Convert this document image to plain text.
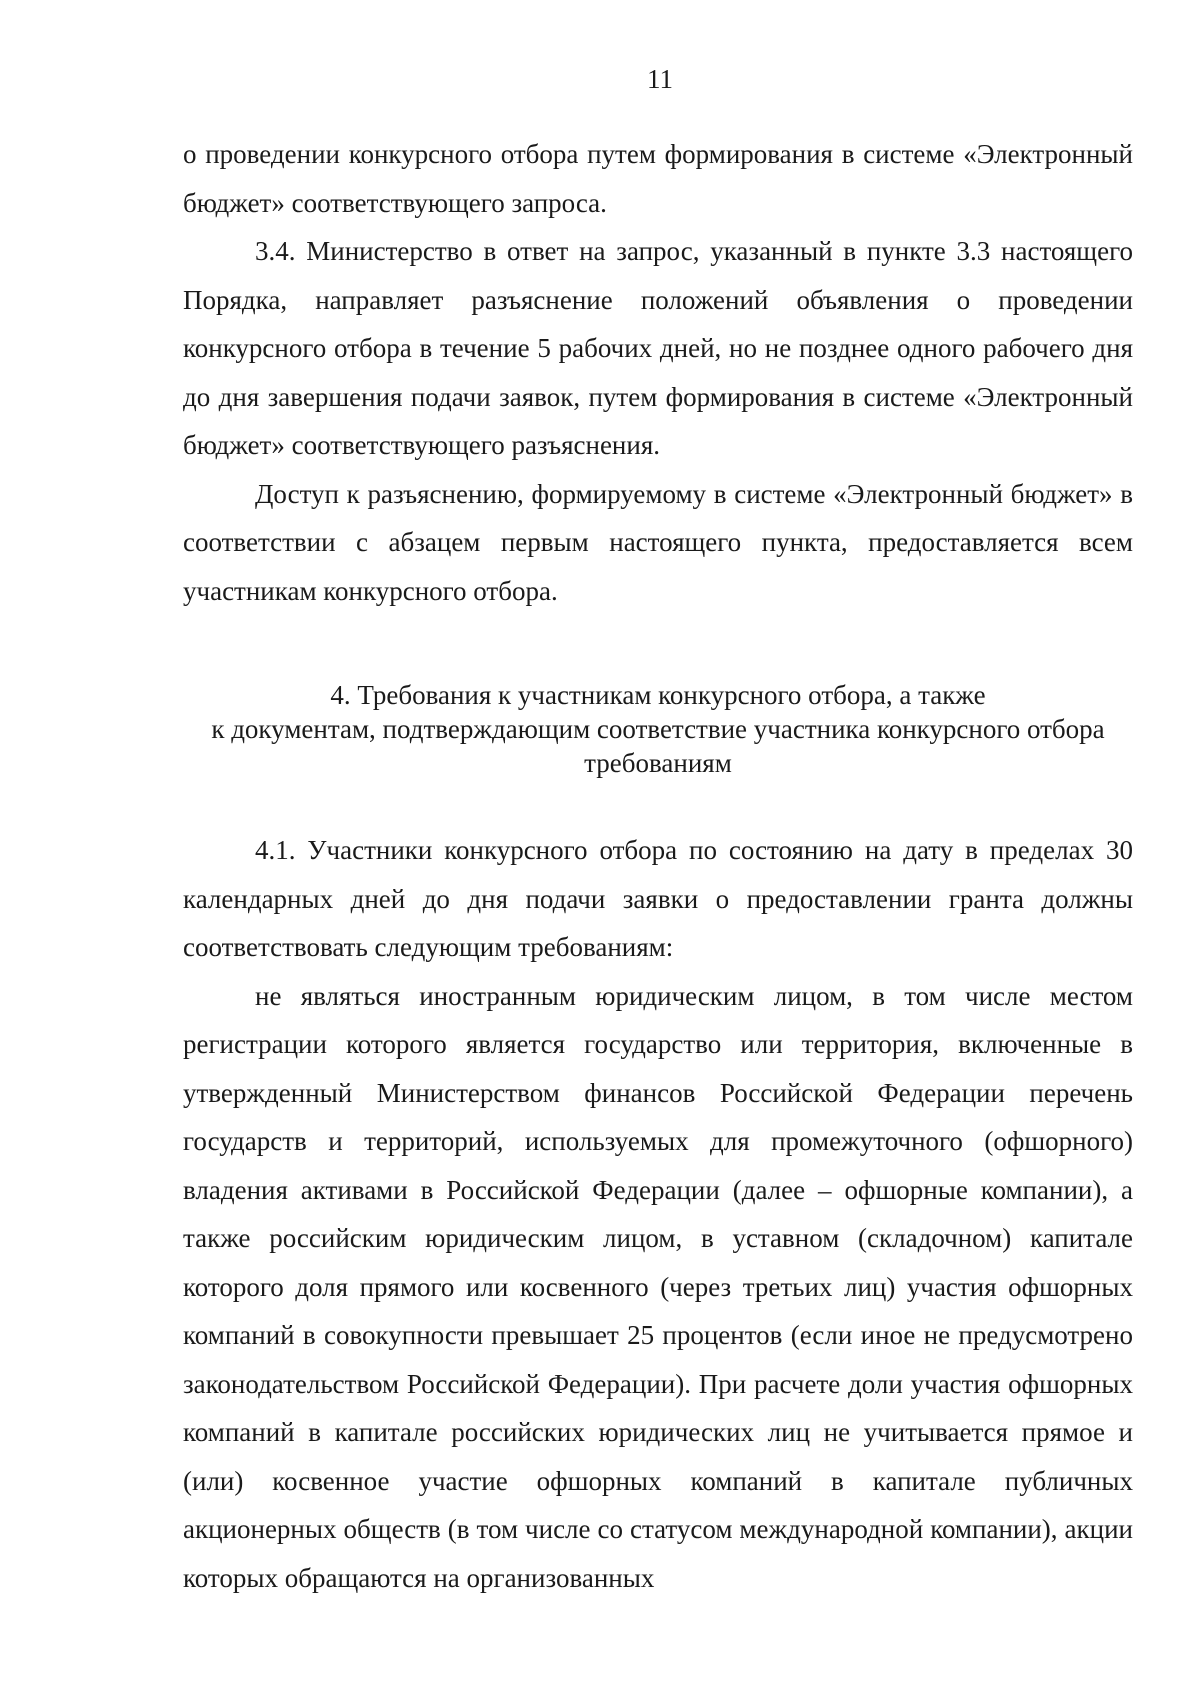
11

о проведении конкурсного отбора путем формирования в системе «Электронный бюджет» соответствующего запроса.

3.4. Министерство в ответ на запрос, указанный в пункте 3.3 настоящего Порядка, направляет разъяснение положений объявления о проведении конкурсного отбора в течение 5 рабочих дней, но не позднее одного рабочего дня до дня завершения подачи заявок, путем формирования в системе «Электронный бюджет» соответствующего разъяснения.

Доступ к разъяснению, формируемому в системе «Электронный бюджет» в соответствии с абзацем первым настоящего пункта, предоставляется всем участникам конкурсного отбора.

4. Требования к участникам конкурсного отбора, а также

к документам, подтверждающим соответствие участника конкурсного отбора

требованиям

4.1. Участники конкурсного отбора по состоянию на дату в пределах 30 календарных дней до дня подачи заявки о предоставлении гранта должны соответствовать следующим требованиям:

не являться иностранным юридическим лицом, в том числе местом регистрации которого является государство или территория, включенные в утвержденный Министерством финансов Российской Федерации перечень государств и территорий, используемых для промежуточного (офшорного) владения активами в Российской Федерации (далее – офшорные компании), а также российским юридическим лицом, в уставном (складочном) капитале которого доля прямого или косвенного (через третьих лиц) участия офшорных компаний в совокупности превышает 25 процентов (если иное не предусмотрено законодательством Российской Федерации). При расчете доли участия офшорных компаний в капитале российских юридических лиц не учитывается прямое и (или) косвенное участие офшорных компаний в капитале публичных акционерных обществ (в том числе со статусом международной компании), акции которых обращаются на организованных
